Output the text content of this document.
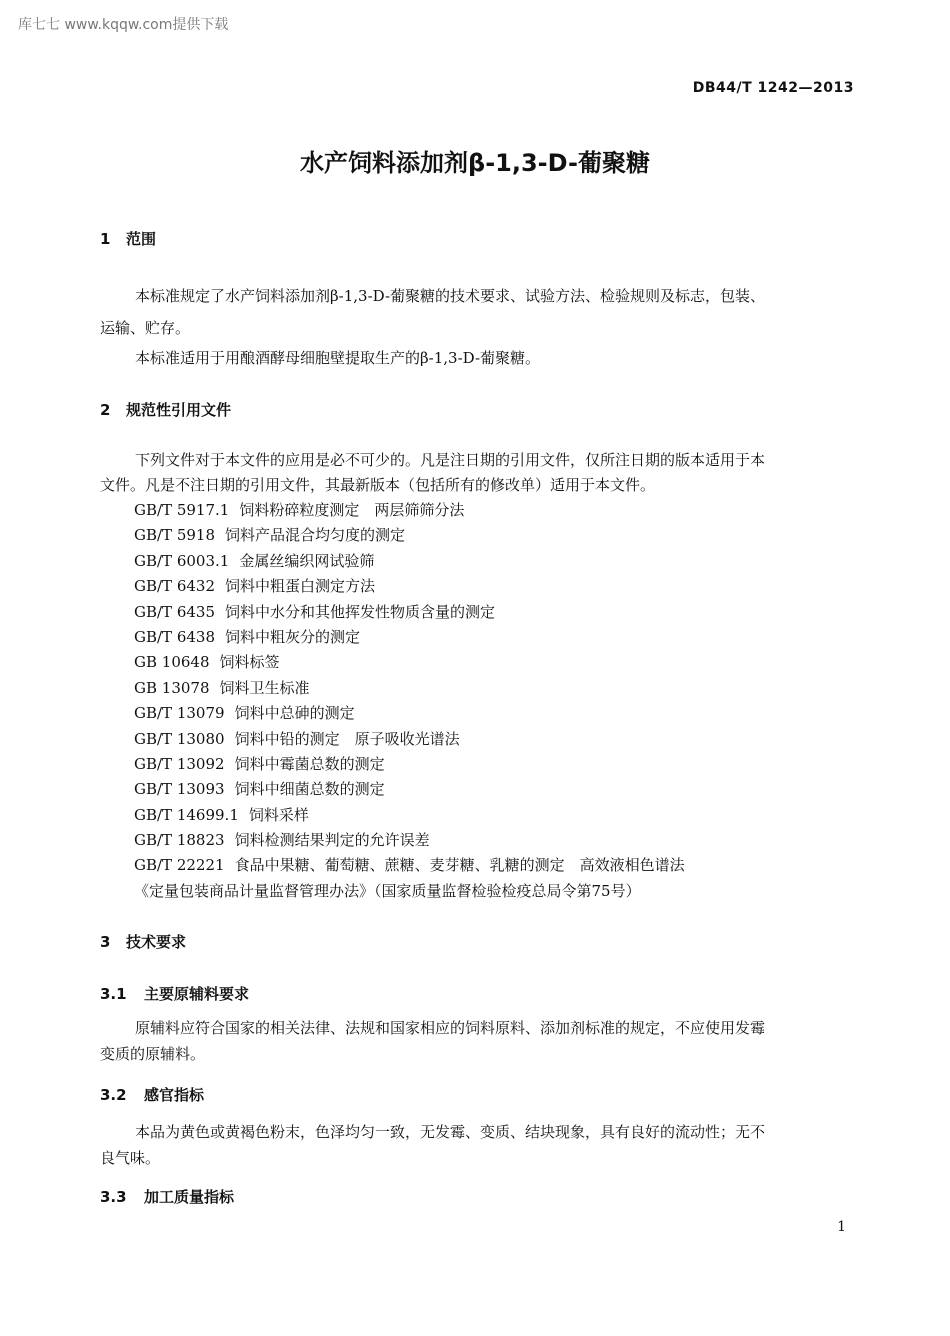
库七七 www.kqqw.com提供下载
DB44/T 1242—2013
水产饲料添加剂β-1,3-D-葡聚糖
1 范围
本标准规定了水产饲料添加剂β-1,3-D-葡聚糖的技术要求、试验方法、检验规则及标志，包装、
运输、贮存。
本标准适用于用酿酒酵母细胞壁提取生产的β-1,3-D-葡聚糖。
2 规范性引用文件
下列文件对于本文件的应用是必不可少的。凡是注日期的引用文件，仅所注日期的版本适用于本
文件。凡是不注日期的引用文件，其最新版本（包括所有的修改单）适用于本文件。
GB/T 5917.1 饲料粉碎粒度测定　两层筛筛分法
GB/T 5918 饲料产品混合均匀度的测定
GB/T 6003.1 金属丝编织网试验筛
GB/T 6432 饲料中粗蛋白测定方法
GB/T 6435 饲料中水分和其他挥发性物质含量的测定
GB/T 6438 饲料中粗灰分的测定
GB 10648 饲料标签
GB 13078 饲料卫生标准
GB/T 13079 饲料中总砷的测定
GB/T 13080 饲料中铅的测定　原子吸收光谱法
GB/T 13092 饲料中霉菌总数的测定
GB/T 13093 饲料中细菌总数的测定
GB/T 14699.1 饲料采样
GB/T 18823 饲料检测结果判定的允许误差
GB/T 22221 食品中果糖、葡萄糖、蔗糖、麦芽糖、乳糖的测定　高效液相色谱法
《定量包装商品计量监督管理办法》（国家质量监督检验检疫总局令第75号）
3 技术要求
3.1 主要原辅料要求
原辅料应符合国家的相关法律、法规和国家相应的饲料原料、添加剂标准的规定，不应使用发霉
变质的原辅料。
3.2 感官指标
本品为黄色或黄褐色粉末，色泽均匀一致，无发霉、变质、结块现象，具有良好的流动性；无不
良气味。
3.3 加工质量指标
1
